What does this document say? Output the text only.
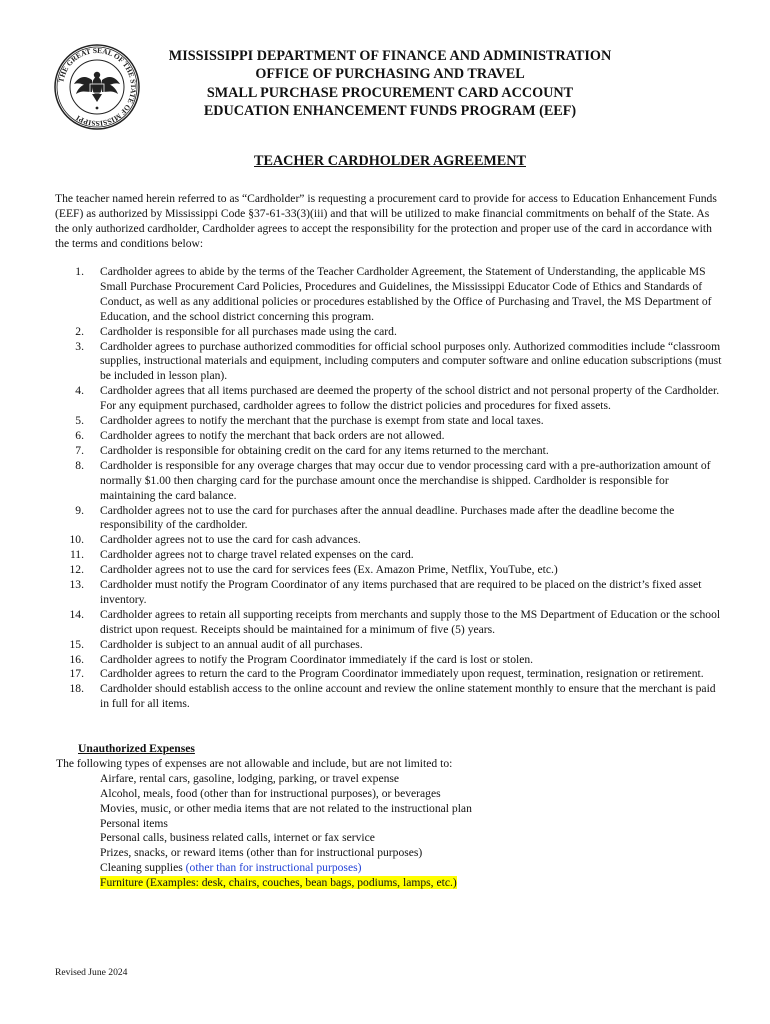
THE GREAT SEAL OF THE STATE OF MISSISSIPPI
MISSISSIPPI DEPARTMENT OF FINANCE AND ADMINISTRATION
OFFICE OF PURCHASING AND TRAVEL
SMALL PURCHASE PROCUREMENT CARD ACCOUNT
EDUCATION ENHANCEMENT FUNDS PROGRAM (EEF)
TEACHER CARDHOLDER AGREEMENT
The teacher named herein referred to as “Cardholder” is requesting a procurement card to provide for access to Education Enhancement Funds (EEF) as authorized by Mississippi Code §37-61-33(3)(iii) and that will be utilized to make financial commitments on behalf of the State. As the only authorized cardholder, Cardholder agrees to accept the responsibility for the protection and proper use of the card in accordance with the terms and conditions below:
1. Cardholder agrees to abide by the terms of the Teacher Cardholder Agreement, the Statement of Understanding, the applicable MS Small Purchase Procurement Card Policies, Procedures and Guidelines, the Mississippi Educator Code of Ethics and Standards of Conduct, as well as any additional policies or procedures established by the Office of Purchasing and Travel, the MS Department of Education, and the school district concerning this program.
2. Cardholder is responsible for all purchases made using the card.
3. Cardholder agrees to purchase authorized commodities for official school purposes only. Authorized commodities include “classroom supplies, instructional materials and equipment, including computers and computer software and online education subscriptions (must be included in lesson plan).
4. Cardholder agrees that all items purchased are deemed the property of the school district and not personal property of the Cardholder. For any equipment purchased, cardholder agrees to follow the district policies and procedures for fixed assets.
5. Cardholder agrees to notify the merchant that the purchase is exempt from state and local taxes.
6. Cardholder agrees to notify the merchant that back orders are not allowed.
7. Cardholder is responsible for obtaining credit on the card for any items returned to the merchant.
8. Cardholder is responsible for any overage charges that may occur due to vendor processing card with a pre-authorization amount of normally $1.00 then charging card for the purchase amount once the merchandise is shipped. Cardholder is responsible for maintaining the card balance.
9. Cardholder agrees not to use the card for purchases after the annual deadline. Purchases made after the deadline become the responsibility of the cardholder.
10. Cardholder agrees not to use the card for cash advances.
11. Cardholder agrees not to charge travel related expenses on the card.
12. Cardholder agrees not to use the card for services fees (Ex. Amazon Prime, Netflix, YouTube, etc.)
13. Cardholder must notify the Program Coordinator of any items purchased that are required to be placed on the district’s fixed asset inventory.
14. Cardholder agrees to retain all supporting receipts from merchants and supply those to the MS Department of Education or the school district upon request. Receipts should be maintained for a minimum of five (5) years.
15. Cardholder is subject to an annual audit of all purchases.
16. Cardholder agrees to notify the Program Coordinator immediately if the card is lost or stolen.
17. Cardholder agrees to return the card to the Program Coordinator immediately upon request, termination, resignation or retirement.
18. Cardholder should establish access to the online account and review the online statement monthly to ensure that the merchant is paid in full for all items.
Unauthorized Expenses
The following types of expenses are not allowable and include, but are not limited to:
Airfare, rental cars, gasoline, lodging, parking, or travel expense
Alcohol, meals, food (other than for instructional purposes), or beverages
Movies, music, or other media items that are not related to the instructional plan
Personal items
Personal calls, business related calls, internet or fax service
Prizes, snacks, or reward items (other than for instructional purposes)
Cleaning supplies (other than for instructional purposes)
Furniture (Examples: desk, chairs, couches, bean bags, podiums, lamps, etc.)
Revised June 2024
